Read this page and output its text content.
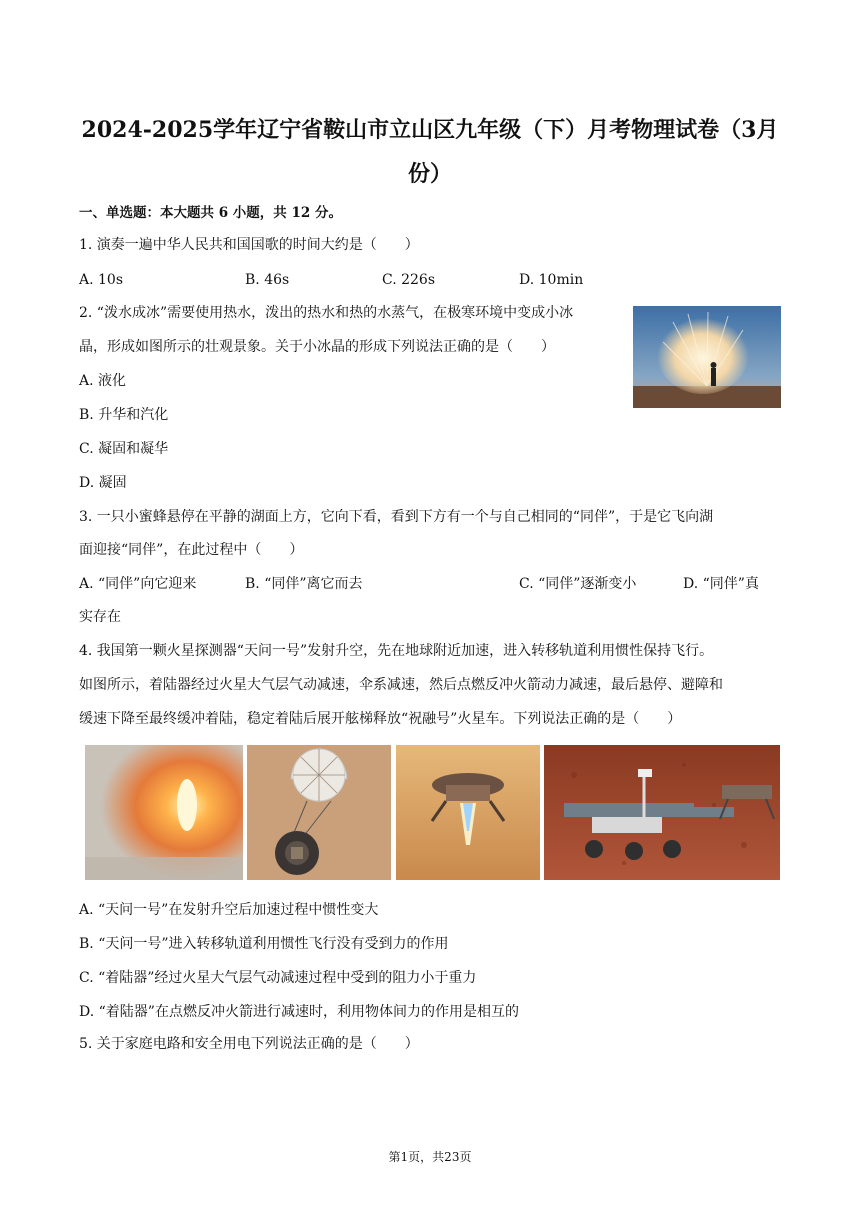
2024-2025学年辽宁省鞍山市立山区九年级（下）月考物理试卷（3月
份）
一、单选题：本大题共 6 小题，共 12 分。
1. 演奏一遍中华人民共和国国歌的时间大约是（　　）
A. 10s	B. 46s	C. 226s	D. 10min
2. “泼水成冰”需要使用热水，泼出的热水和热的水蒸气，在极寒环境中变成小冰
晶，形成如图所示的壮观景象。关于小冰晶的形成下列说法正确的是（　　）
A. 液化
B. 升华和汽化
C. 凝固和凝华
D. 凝固
3. 一只小蜜蜂悬停在平静的湖面上方，它向下看，看到下方有一个与自己相同的“同伴”，于是它飞向湖
面迎接“同伴”，在此过程中（　　）
A. “同伴”向它迎来	B. “同伴”离它而去	C. “同伴”逐渐变小	D. “同伴”真
实存在
4. 我国第一颗火星探测器“天问一号”发射升空，先在地球附近加速，进入转移轨道利用惯性保持飞行。
如图所示，着陆器经过火星大气层气动减速，伞系减速，然后点燃反冲火箭动力减速，最后悬停、避障和
缓速下降至最终缓冲着陆，稳定着陆后展开舷梯释放“祝融号”火星车。下列说法正确的是（　　）
A. “天问一号”在发射升空后加速过程中惯性变大
B. “天问一号”进入转移轨道利用惯性飞行没有受到力的作用
C. “着陆器”经过火星大气层气动减速过程中受到的阻力小于重力
D. “着陆器”在点燃反冲火箭进行减速时，利用物体间力的作用是相互的
5. 关于家庭电路和安全用电下列说法正确的是（　　）
第1页，共23页
